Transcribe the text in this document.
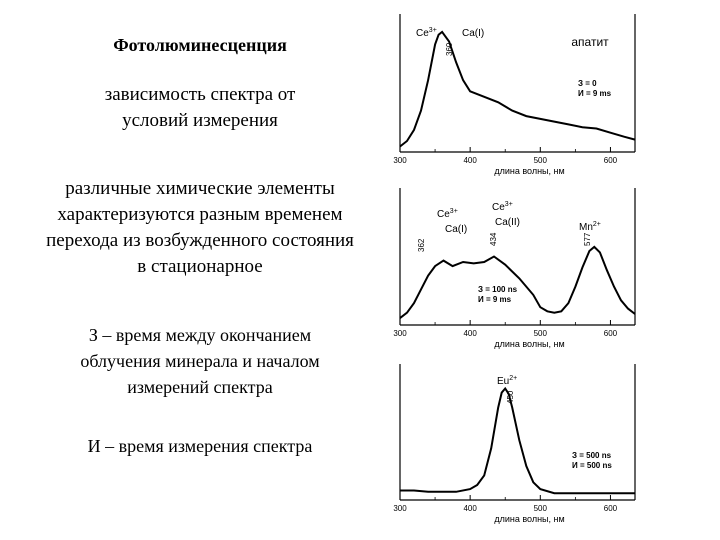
Фотолюминесценция
зависимость спектра от
условий измерения
различные химические элементы
характеризуются разным временем
перехода из возбужденного состояния
в стационарное
З – время между окончанием
облучения минерала и началом
измерений спектра
И – время измерения спектра
300	400	500	600
длина волны, нм
360
$Ce^{3+}$	Ca(I)
З = 0
И = 9 ms
апатит
300	400	500	600
длина волны, нм
362	434	577
$Ce^{3+}$
Ca(I)
$Ce^{3+}$
Ca(II)	$Mn^{2+}$
З = 100 ns
И = 9 ms
300	400	500	600
длина волны, нм
450
$Eu^{2+}$
З = 500 ns
И = 500 ns
